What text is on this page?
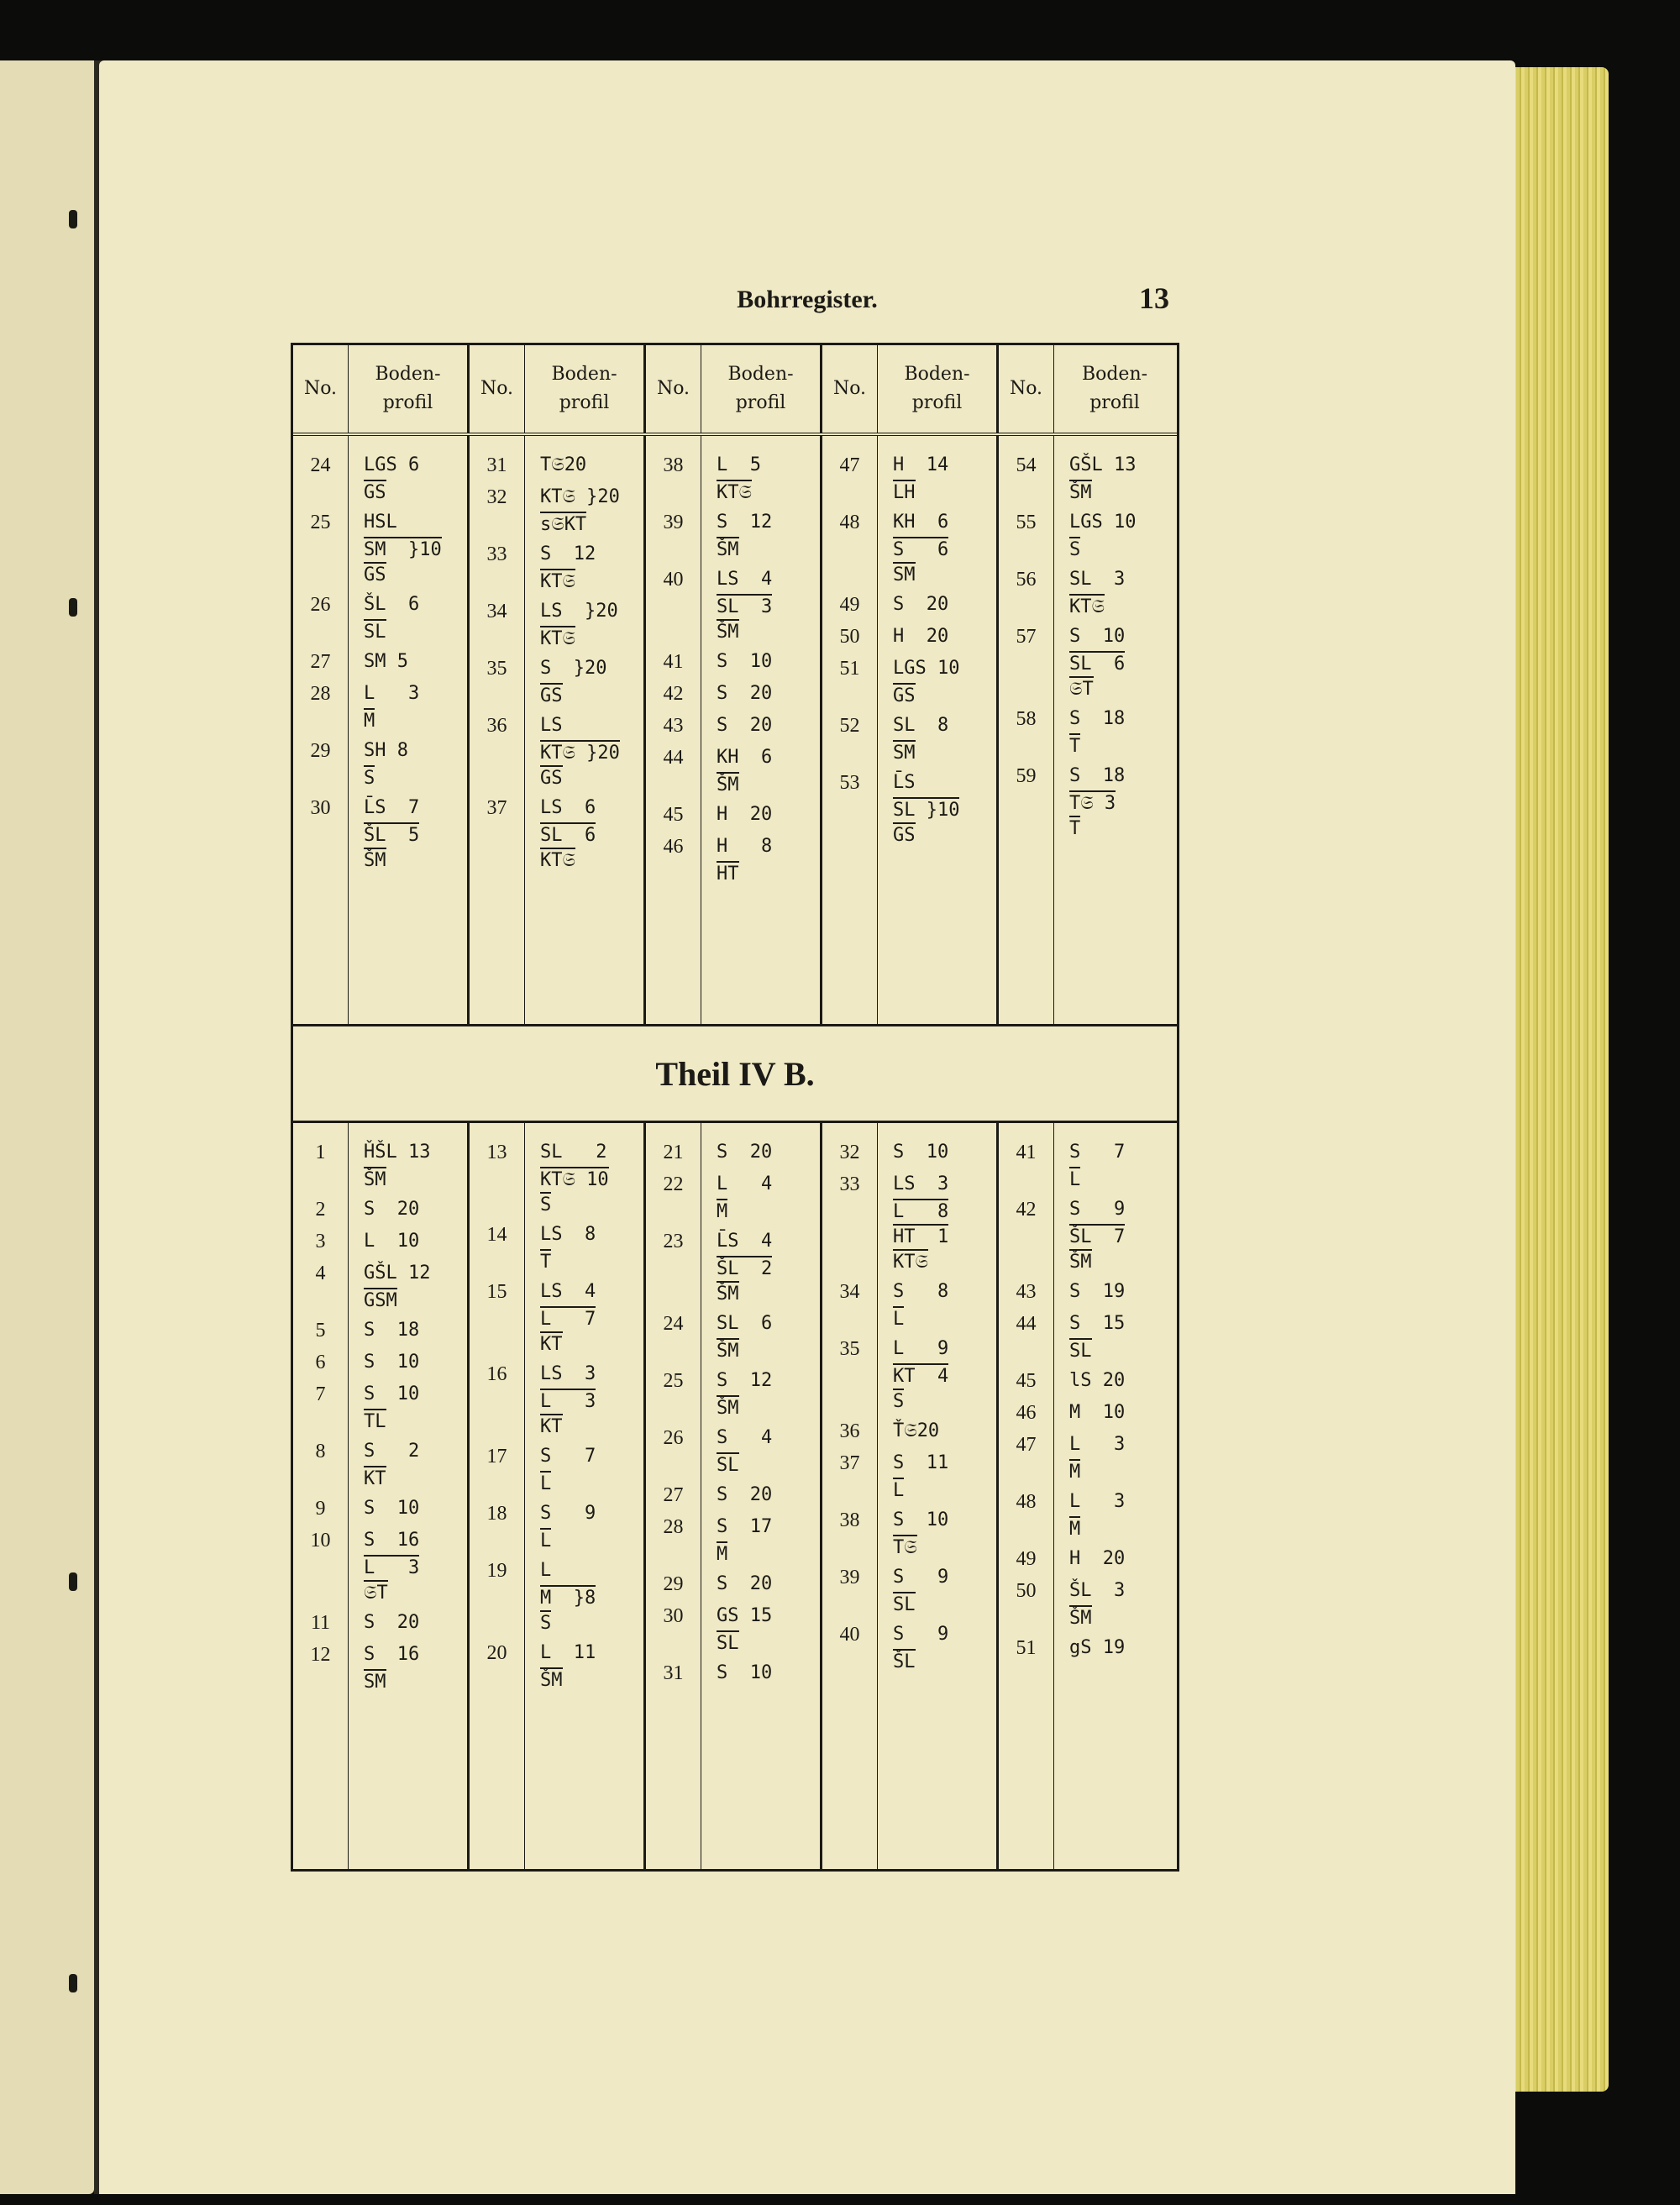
Bohrregister.	13
No.
Boden-
profil
No.
Boden-
profil
No.
Boden-
profil
No.
Boden-
profil
No.
Boden-
profil
24
25
26
27
28
29
30
LGS 6
GS
HSL
SM  }10
GS
ŠL  6
SL
SM 5
L   3
M
SH 8
S
L̄S  7
ŠL  5
ŠM
31
32
33
34
35
36
37
T𝔖20
KT𝔖 }20
s𝔖KT
S  12
KT𝔖
LS  }20
KT𝔖
S  }20
GS
LS
KT𝔖 }20
GS
LS  6
SL  6
KT𝔖
38
39
40
41
42
43
44
45
46
L  5
KT𝔖
S  12
ŠM
LS  4
SL  3
ŠM
S  10
S  20
S  20
KH  6
ŠM
H  20
H   8
HT
47
48
49
50
51
52
53
H  14
LH
KH  6
S   6
SM
S  20
H  20
LGS 10
GS
SL  8
SM
L̄S
SL }10
GS
54
55
56
57
58
59
GŠL 13
ŠM
LGS 10
S
SL  3
KT𝔖
S  10
SL  6
𝔖T
S  18
T
S  18
T𝔖 3
T
Theil IV B.
1
2
3
4
5
6
7
8
9
10
11
12
ȞŠL 13
ŠM
S  20
L  10
GŠL 12
GSM
S  18
S  10
S  10
TL
S   2
KT
S  10
S  16
L   3
𝔖T
S  20
S  16
SM
13
14
15
16
17
18
19
20
SL   2
KT𝔖 10
S
LS  8
T
LS  4
L   7
KT
LS  3
L   3
KT
S   7
L
S   9
L
L
M  }8
S
L  11
ŠM
21
22
23
24
25
26
27
28
29
30
31
S  20
L   4
M
L̄S  4
ŠL  2
ŠM
SL  6
ŠM
S  12
ŠM
S   4
SL
S  20
S  17
M
S  20
GS 15
SL
S  10
32
33
34
35
36
37
38
39
40
S  10
LS  3
L   8
HT  1
KT𝔖
S   8
L
L   9
KT  4
S
Ť𝔖20
S  11
L
S  10
T𝔖
S   9
SL
S   9
ŠL
41
42
43
44
45
46
47
48
49
50
51
S   7
L
S   9
ŠL  7
ŠM
S  19
S  15
SL
lS 20
M  10
L   3
M
L   3
M
H  20
ŠL  3
ŠM
gS 19
